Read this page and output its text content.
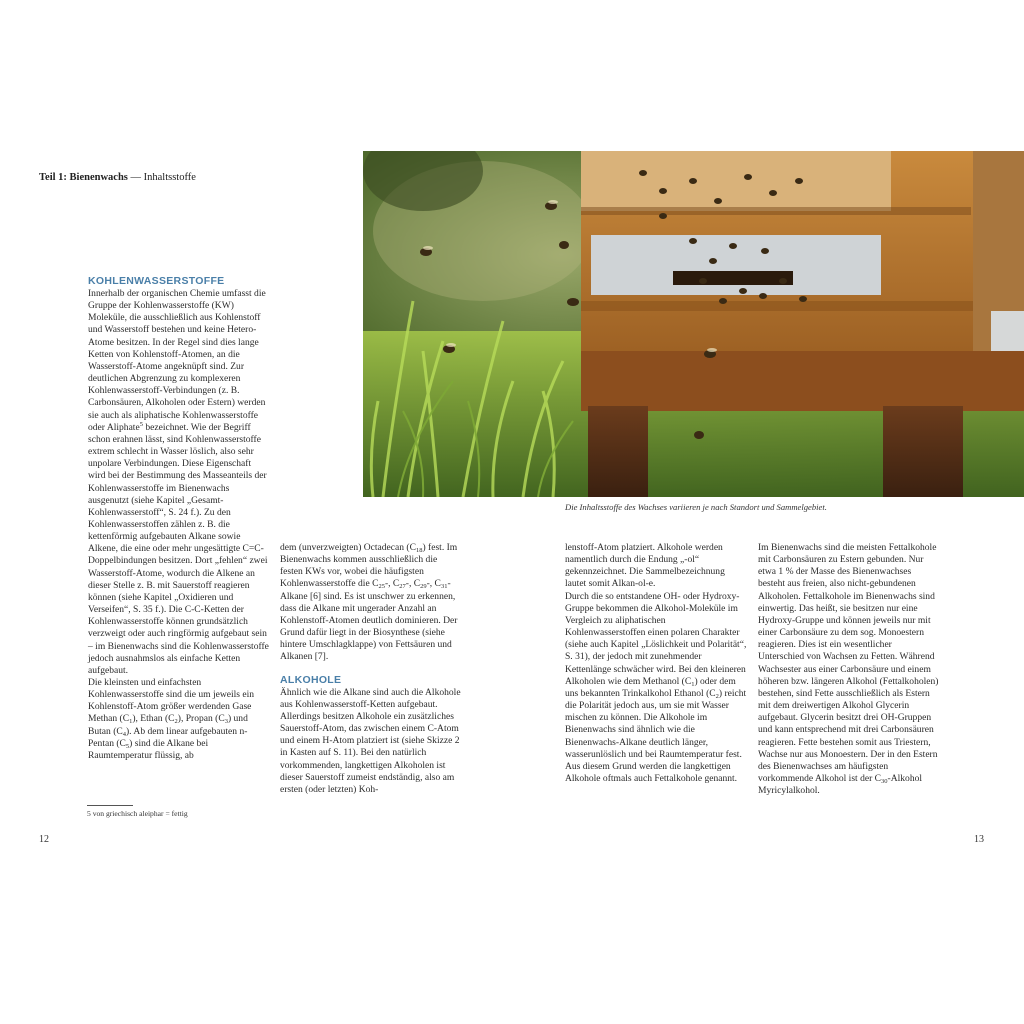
Teil 1: Bienenwachs — Inhaltsstoffe
Die Inhaltsstoffe des Wachses variieren je nach Standort und Sammelgebiet.
KOHLENWASSERSTOFFE

Innerhalb der organischen Chemie umfasst die Gruppe der Kohlenwasserstoffe (KW) Moleküle, die ausschließlich aus Kohlenstoff und Wasserstoff bestehen und keine Hetero-Atome besitzen. In der Regel sind dies lange Ketten von Kohlenstoff-Atomen, an die Wasserstoff-Atome angeknüpft sind. Zur deutlichen Abgrenzung zu komplexeren Kohlenwasserstoff-Verbindungen (z. B. Carbonsäuren, Alkoholen oder Estern) werden sie auch als aliphatische Kohlenwasserstoffe oder Aliphate$^5$ bezeichnet. Wie der Begriff schon erahnen lässt, sind Kohlenwasserstoffe extrem schlecht in Wasser löslich, also sehr unpolare Verbindungen. Diese Eigenschaft wird bei der Bestimmung des Masseanteils der Kohlenwasserstoffe im Bienenwachs ausgenutzt (siehe Kapitel „Gesamt-Kohlenwasserstoff“, S. 24 f.). Zu den Kohlenwasserstoffen zählen z. B. die kettenförmig aufgebauten Alkane sowie Alkene, die eine oder mehr ungesättigte C=C-Doppelbindungen besitzen. Dort „fehlen“ zwei Wasserstoff-Atome, wodurch die Alkene an dieser Stelle z. B. mit Sauerstoff reagieren können (siehe Kapitel „Oxidieren und Verseifen“, S. 35 f.). Die C-C-Ketten der Kohlenwasserstoffe können grundsätzlich verzweigt oder auch ringförmig aufgebaut sein – im Bienenwachs sind die Kohlenwasserstoffe jedoch ausnahmslos als einfache Ketten aufgebaut.

Die kleinsten und einfachsten Kohlenwasserstoffe sind die um jeweils ein Kohlenstoff-Atom größer werdenden Gase Methan $(C_1)$, Ethan $(C_2)$, Propan $(C_3)$ und Butan $(C_4)$. Ab dem linear aufgebauten n-Pentan $(C_5)$ sind die Alkane bei Raumtemperatur flüssig, ab

5 von griechisch aleiphar = fettig

dem (unverzweigten) Octadecan $(C_{18})$ fest. Im Bienenwachs kommen ausschließlich die festen KWs vor, wobei die häufigsten Kohlenwasserstoffe die $C_{25}-$, $C_{27}-$, $C_{29}-$, $C_{31}$-Alkane [6] sind. Es ist unschwer zu erkennen, dass die Alkane mit ungerader Anzahl an Kohlenstoff-Atomen deutlich dominieren. Der Grund dafür liegt in der Biosynthese (siehe hintere Umschlagklappe) von Fettsäuren und Alkanen [7].

ALKOHOLE

Ähnlich wie die Alkane sind auch die Alkohole aus Kohlenwasserstoff-Ketten aufgebaut. Allerdings besitzen Alkohole ein zusätzliches Sauerstoff-Atom, das zwischen einem C-Atom und einem H-Atom platziert ist (siehe Skizze 2 in Kasten auf S. 11). Bei den natürlich vorkommenden, langkettigen Alkoholen ist dieser Sauerstoff zumeist endständig, also am ersten (oder letzten) Koh-

lenstoff-Atom platziert. Alkohole werden namentlich durch die Endung „-ol“ gekennzeichnet. Die Sammelbezeichnung lautet somit Alkan-ol-e.

Durch die so entstandene OH- oder Hydroxy-Gruppe bekommen die Alkohol-Moleküle im Vergleich zu aliphatischen Kohlenwasserstoffen einen polaren Charakter (siehe auch Kapitel „Löslichkeit und Polarität“, S. 31), der jedoch mit zunehmender Kettenlänge schwächer wird. Bei den kleineren Alkoholen wie dem Methanol $(C_1)$ oder dem uns bekannten Trinkalkohol Ethanol $(C_2)$ reicht die Polarität jedoch aus, um sie mit Wasser mischen zu können. Die Alkohole im Bienenwachs sind ähnlich wie die Bienenwachs-Alkane deutlich länger, wasserunlöslich und bei Raumtemperatur fest. Aus diesem Grund werden die langkettigen Alkohole oftmals auch Fettalkohole genannt.

Im Bienenwachs sind die meisten Fettalkohole mit Carbonsäuren zu Estern gebunden. Nur etwa 1 % der Masse des Bienenwachses besteht aus freien, also nicht-gebundenen Alkoholen. Fettalkohole im Bienenwachs sind einwertig. Das heißt, sie besitzen nur eine Hydroxy-Gruppe und können jeweils nur mit einer Carbonsäure zu dem sog. Monoestern reagieren. Dies ist ein wesentlicher Unterschied von Wachsen zu Fetten. Während Wachsester aus einer Carbonsäure und einem höheren bzw. längeren Alkohol (Fettalkoholen) bestehen, sind Fette ausschließlich als Estern mit dem dreiwertigen Alkohol Glycerin aufgebaut. Glycerin besitzt drei OH-Gruppen und kann entsprechend mit drei Carbonsäuren reagieren. Fette bestehen somit aus Triestern, Wachse nur aus Monoestern. Der in den Estern des Bienenwachses am häufigsten vorkommende Alkohol ist der $C_{30}$-Alkohol Myricylalkohol.

12	13
